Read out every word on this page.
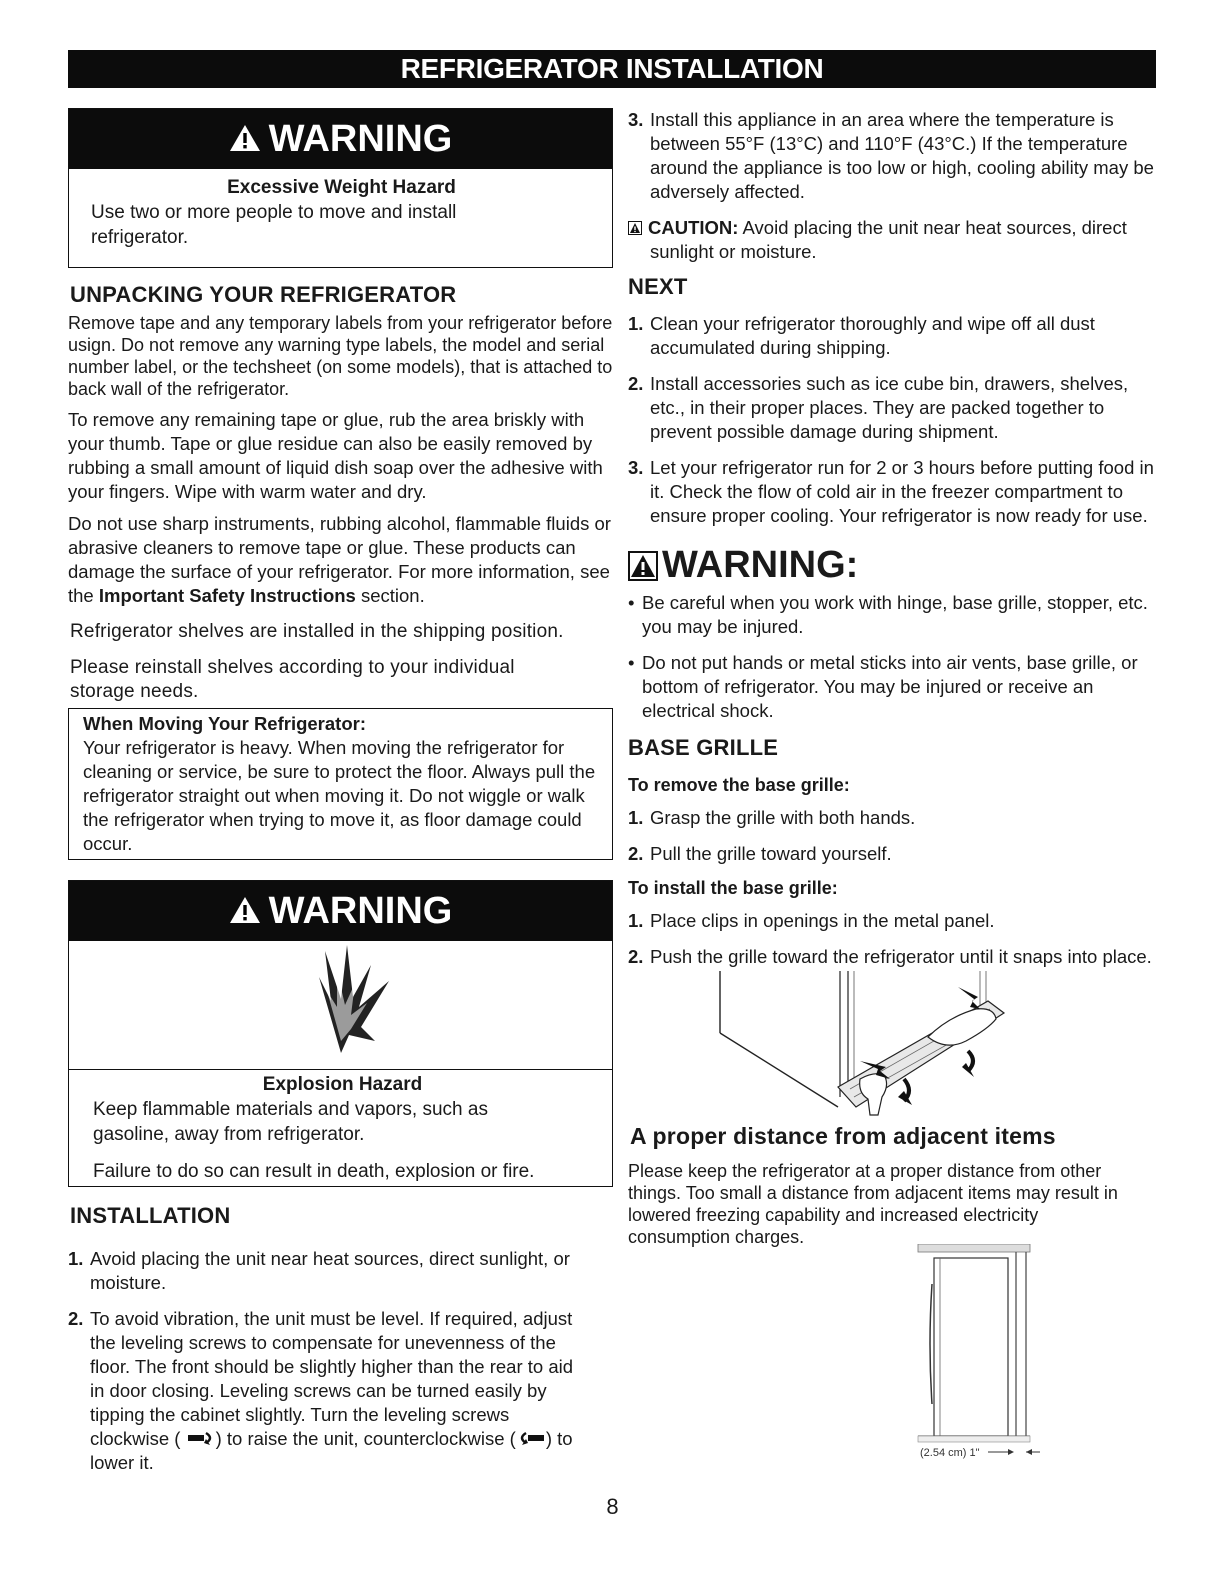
REFRIGERATOR INSTALLATION
WARNING
Excessive Weight Hazard
Use two or more people to move and install refrigerator.
UNPACKING YOUR REFRIGERATOR

Remove tape and any temporary labels from your refrigerator before usign. Do not remove any warning type labels, the model and serial number label, or the techsheet (on some models), that is attached to back wall of the refrigerator.

To remove any remaining tape or glue, rub the area briskly with your thumb. Tape or glue residue can also be easily removed by rubbing a small amount of liquid dish soap over the adhesive with your fingers. Wipe with warm water and dry.

Do not use sharp instruments, rubbing alcohol, flammable fluids or abrasive cleaners to remove tape or glue. These products can damage the surface of your refrigerator. For more information, see the Important Safety Instructions section.

Refrigerator shelves are installed in the shipping position.

Please reinstall shelves according to your individual storage needs.

When Moving Your Refrigerator:

Your refrigerator is heavy. When moving the refrigerator for cleaning or service, be sure to protect the floor. Always pull the refrigerator straight out when moving it. Do not wiggle or walk the refrigerator when trying to move it, as floor damage could occur.

WARNING
Explosion Hazard
Keep flammable materials and vapors, such as gasoline, away from refrigerator.
Failure to do so can result in death, explosion or fire.
INSTALLATION
1. Avoid placing the unit near heat sources, direct sunlight, or moisture.
2. To avoid vibration, the unit must be level. If required, adjust the leveling screws to compensate for unevenness of the floor. The front should be slightly higher than the rear to aid in door closing. Leveling screws can be turned easily by tipping the cabinet slightly. Turn the leveling screws clockwise ( ) to raise the unit, counterclockwise ( ) to lower it.
3. Install this appliance in an area where the temperature is between 55°F (13°C) and 110°F (43°C.) If the temperature around the appliance is too low or high, cooling ability may be adversely affected.
CAUTION: Avoid placing the unit near heat sources, direct sunlight or moisture.
NEXT
1. Clean your refrigerator thoroughly and wipe off all dust accumulated during shipping.
2. Install accessories such as ice cube bin, drawers, shelves, etc., in their proper places. They are packed together to prevent possible damage during shipment.
3. Let your refrigerator run for 2 or 3 hours before putting food in it. Check the flow of cold air in the freezer compartment to ensure proper cooling. Your refrigerator is now ready for use.
WARNING:
• Be careful when you work with hinge, base grille, stopper, etc. you may be injured.
• Do not put hands or metal sticks into air vents, base grille, or bottom of refrigerator. You may be injured or receive an electrical shock.
BASE GRILLE
To remove the base grille:
1. Grasp the grille with both hands.
2. Pull the grille toward yourself.
To install the base grille:
1. Place clips in openings in the metal panel.
2. Push the grille toward the refrigerator until it snaps into place.
A proper distance from adjacent items

Please keep the refrigerator at a proper distance from other things. Too small a distance from adjacent items may result in lowered freezing capability and increased electricity consumption charges.

(2.54 cm) 1"
8
